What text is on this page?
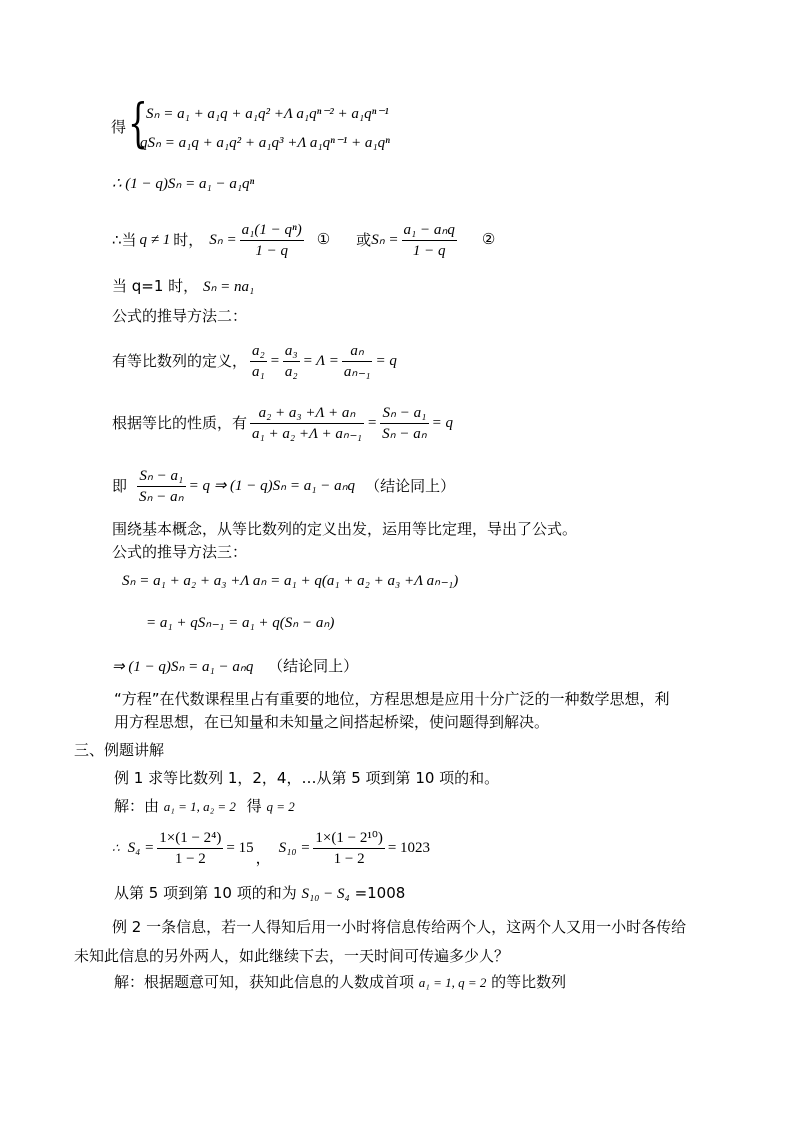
得 {
Sₙ = a₁ + a₁q + a₁q² +Λ a₁qⁿ⁻² + a₁qⁿ⁻¹
qSₙ = a₁q + a₁q² + a₁q³ +Λ a₁qⁿ⁻¹ + a₁qⁿ
∴ (1 − q)Sₙ = a₁ − a₁qⁿ
∴当 q ≠ 1 时， $S_n = \frac{\text{a₁(1 − qⁿ)}}{1 - q}$ ① 或 $S_n = \frac{\text{a₁ − aₙq}}{1 - q}$ ②
当 q=1 时， Sₙ = na₁
公式的推导方法二：
有等比数列的定义， $\frac{\text{a₂}}{\text{a₁}} = \frac{\text{a₃}}{\text{a₂}} = \Lambda = \frac{\text{aₙ}}{\text{aₙ₋₁}} = q$
根据等比的性质，有 $\frac{\text{a₂ + a₃ +Λ + aₙ}}{\text{a₁ + a₂ +Λ + aₙ₋₁}} = \frac{\text{Sₙ − a₁}}{\text{Sₙ − aₙ}} = q$
即 $\frac{\text{Sₙ − a₁}}{\text{Sₙ − aₙ}} = q$ ⇒ (1 − q)Sₙ = a₁ − aₙq （结论同上）
围绕基本概念，从等比数列的定义出发，运用等比定理，导出了公式。
公式的推导方法三：
Sₙ = a₁ + a₂ + a₃ +Λ aₙ = a₁ + q(a₁ + a₂ + a₃ +Λ aₙ₋₁)
= a₁ + qSₙ₋₁ = a₁ + q(Sₙ − aₙ)
⇒ (1 − q)Sₙ = a₁ − aₙq （结论同上）
“方程”在代数课程里占有重要的地位，方程思想是应用十分广泛的一种数学思想，利
用方程思想，在已知量和未知量之间搭起桥梁，使问题得到解决。
三、例题讲解
例 1 求等比数列 1，2，4，…从第 5 项到第 10 项的和。
解：由 a₁ = 1, a₂ = 2 得 q = 2
∴ $S_4 = \frac{\text{1×(1 − 2⁴)}}{1 - 2} = 15$
，
$S_{10} = \frac{\text{1×(1 − 2¹⁰)}}{1 - 2} = 1023$
从第 5 项到第 10 项的和为 S₁₀ − S₄ =1008
例 2 一条信息，若一人得知后用一小时将信息传给两个人，这两个人又用一小时各传给
未知此信息的另外两人，如此继续下去，一天时间可传遍多少人？
解：根据题意可知，获知此信息的人数成首项 a₁ = 1, q = 2 的等比数列
